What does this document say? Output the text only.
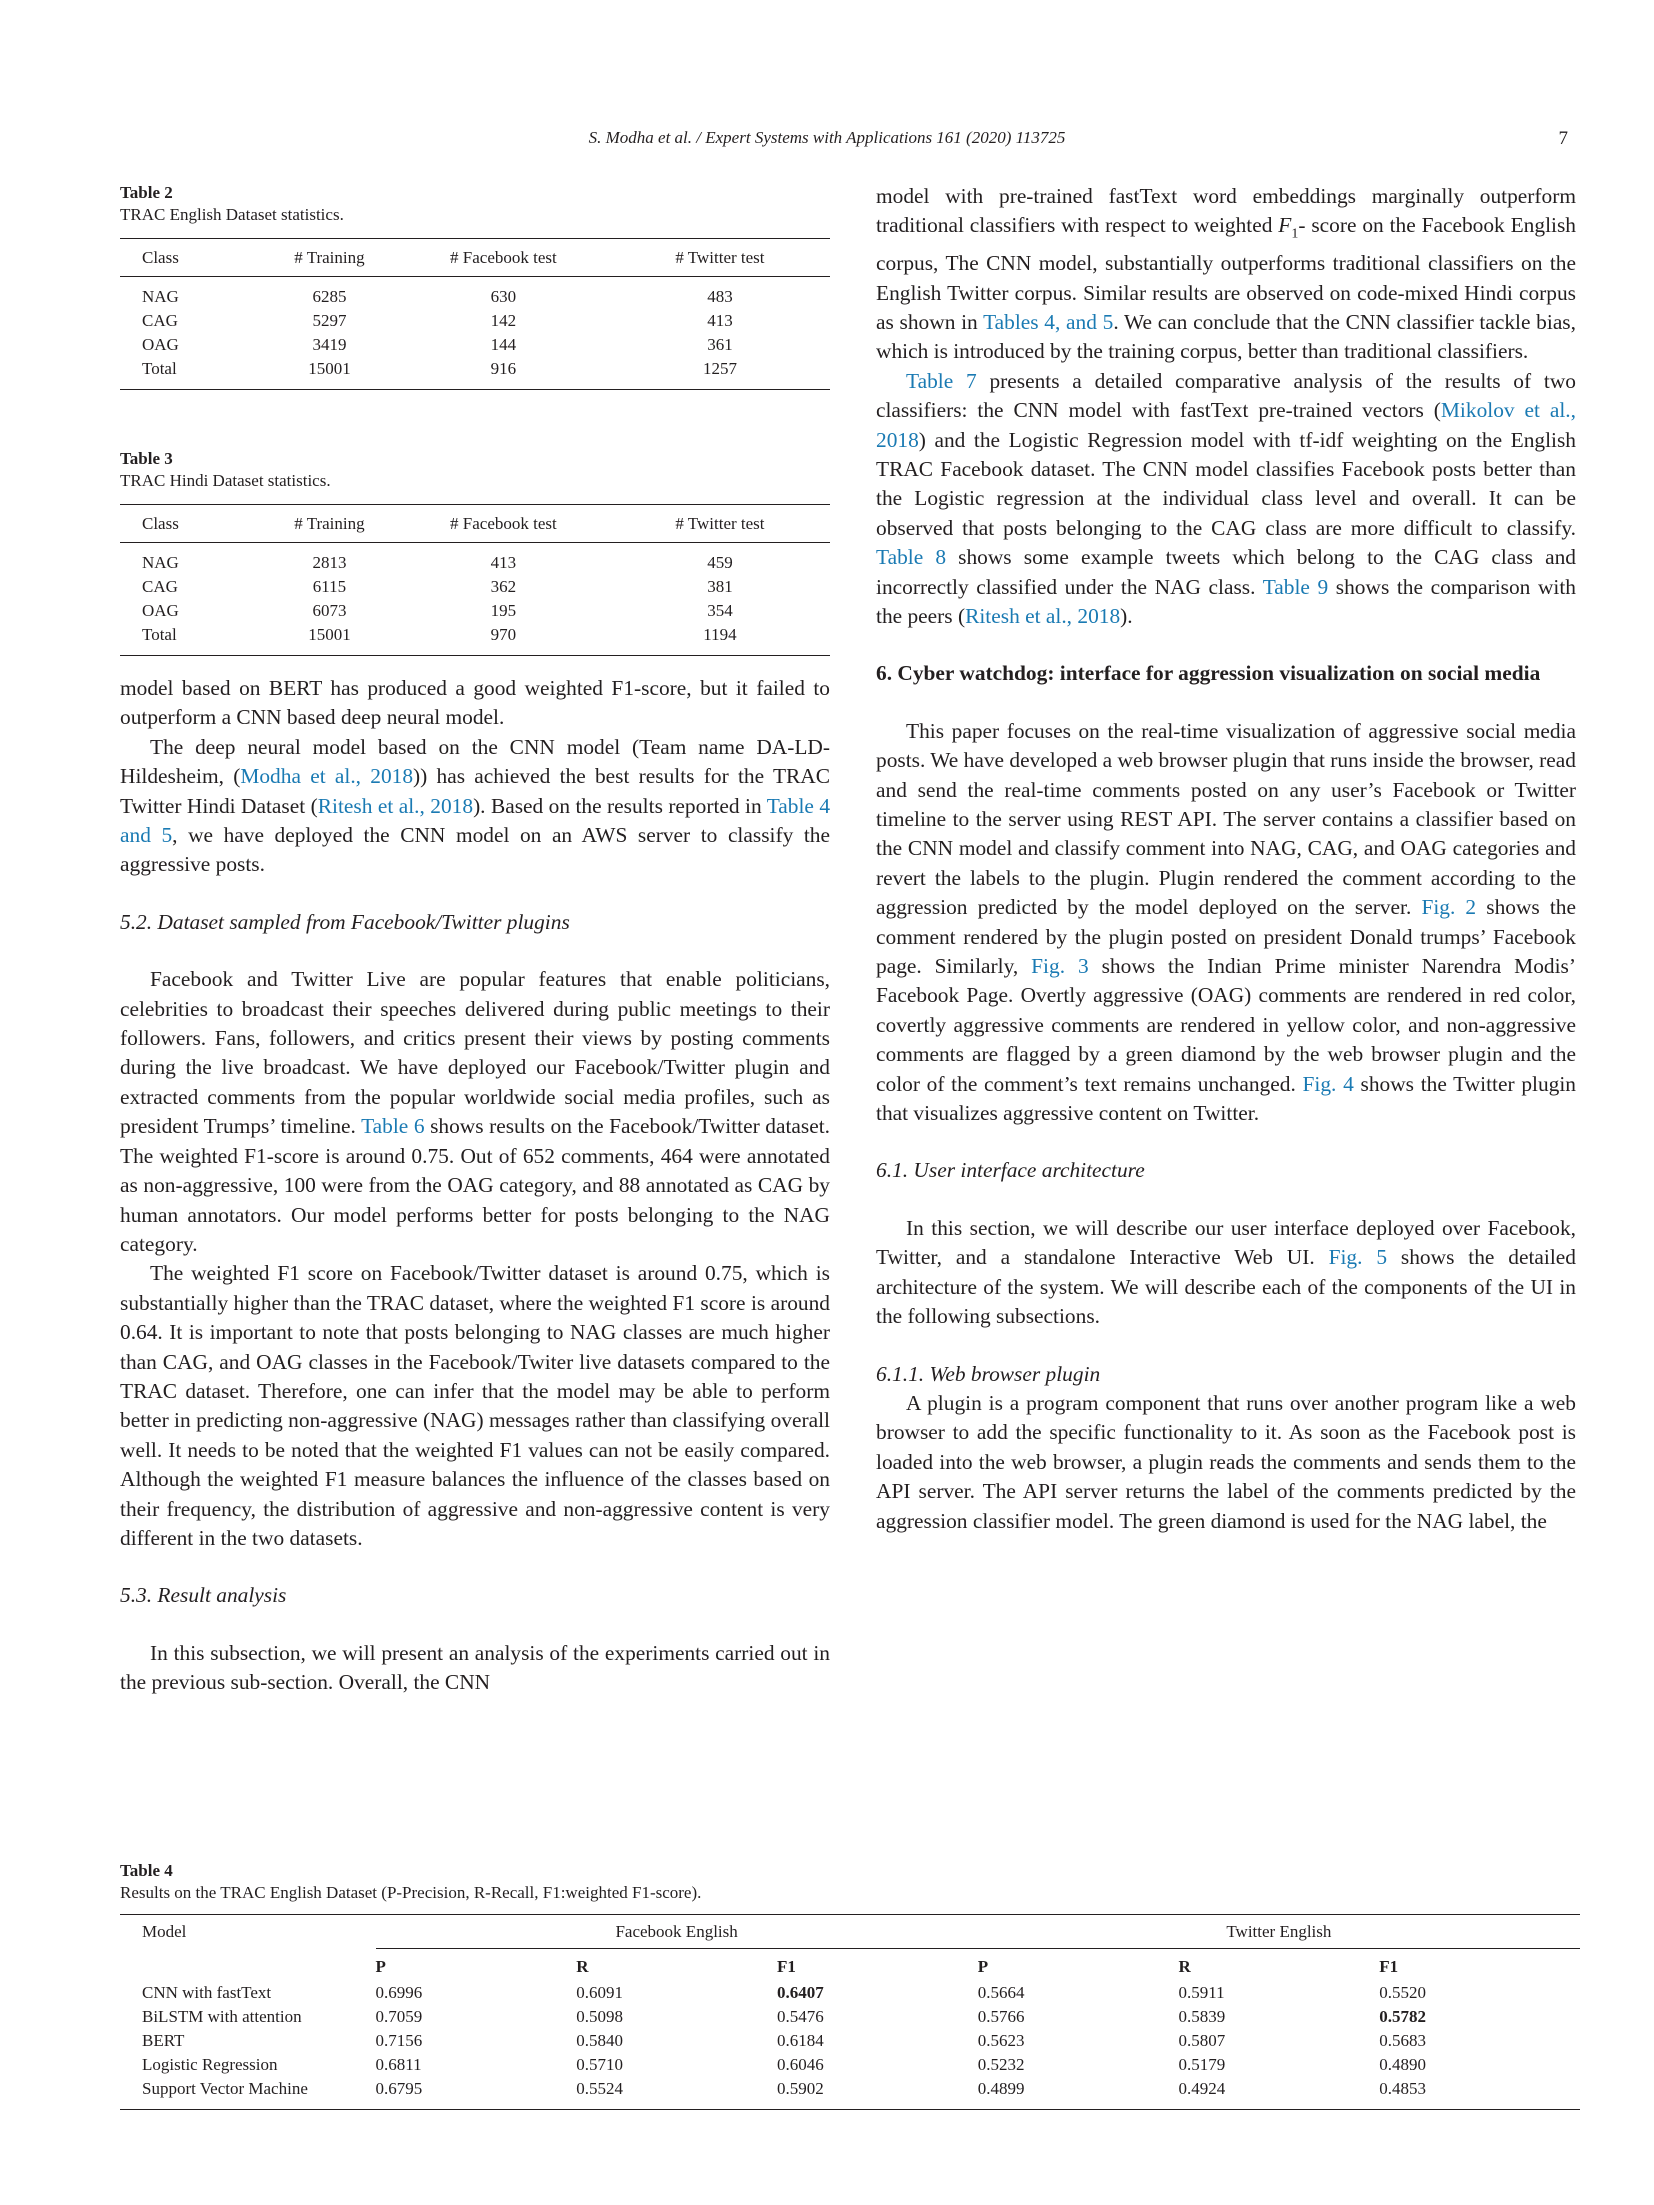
S. Modha et al. / Expert Systems with Applications 161 (2020) 113725	7
Table 2
TRAC English Dataset statistics.
Class	# Training	# Facebook test	# Twitter test
NAG	6285	630	483
CAG	5297	142	413
OAG	3419	144	361
Total	15001	916	1257
Table 3
TRAC Hindi Dataset statistics.
Class	# Training	# Facebook test	# Twitter test
NAG	2813	413	459
CAG	6115	362	381
OAG	6073	195	354
Total	15001	970	1194

model based on BERT has produced a good weighted F1-score, but it failed to outperform a CNN based deep neural model.

The deep neural model based on the CNN model (Team name DA-LD-Hildesheim, (Modha et al., 2018)) has achieved the best results for the TRAC Twitter Hindi Dataset (Ritesh et al., 2018). Based on the results reported in Table 4 and 5, we have deployed the CNN model on an AWS server to classify the aggressive posts.

5.2. Dataset sampled from Facebook/Twitter plugins

Facebook and Twitter Live are popular features that enable politicians, celebrities to broadcast their speeches delivered during public meetings to their followers. Fans, followers, and critics present their views by posting comments during the live broadcast. We have deployed our Facebook/Twitter plugin and extracted comments from the popular worldwide social media profiles, such as president Trumps’ timeline. Table 6 shows results on the Facebook/Twitter dataset. The weighted F1-score is around 0.75. Out of 652 comments, 464 were annotated as non-aggressive, 100 were from the OAG category, and 88 annotated as CAG by human annotators. Our model performs better for posts belonging to the NAG category.

The weighted F1 score on Facebook/Twitter dataset is around 0.75, which is substantially higher than the TRAC dataset, where the weighted F1 score is around 0.64. It is important to note that posts belonging to NAG classes are much higher than CAG, and OAG classes in the Facebook/Twiter live datasets compared to the TRAC dataset. Therefore, one can infer that the model may be able to perform better in predicting non-aggressive (NAG) messages rather than classifying overall well. It needs to be noted that the weighted F1 values can not be easily compared. Although the weighted F1 measure balances the influence of the classes based on their frequency, the distribution of aggressive and non-aggressive content is very different in the two datasets.

5.3. Result analysis

In this subsection, we will present an analysis of the experiments carried out in the previous sub-section. Overall, the CNN

model with pre-trained fastText word embeddings marginally outperform traditional classifiers with respect to weighted $F_1-$ score on the Facebook English corpus, The CNN model, substantially outperforms traditional classifiers on the English Twitter corpus. Similar results are observed on code-mixed Hindi corpus as shown in Tables 4, and 5. We can conclude that the CNN classifier tackle bias, which is introduced by the training corpus, better than traditional classifiers.

Table 7 presents a detailed comparative analysis of the results of two classifiers: the CNN model with fastText pre-trained vectors (Mikolov et al., 2018) and the Logistic Regression model with tf-idf weighting on the English TRAC Facebook dataset. The CNN model classifies Facebook posts better than the Logistic regression at the individual class level and overall. It can be observed that posts belonging to the CAG class are more difficult to classify. Table 8 shows some example tweets which belong to the CAG class and incorrectly classified under the NAG class. Table 9 shows the comparison with the peers (Ritesh et al., 2018).

6. Cyber watchdog: interface for aggression visualization on social media

This paper focuses on the real-time visualization of aggressive social media posts. We have developed a web browser plugin that runs inside the browser, read and send the real-time comments posted on any user’s Facebook or Twitter timeline to the server using REST API. The server contains a classifier based on the CNN model and classify comment into NAG, CAG, and OAG categories and revert the labels to the plugin. Plugin rendered the comment according to the aggression predicted by the model deployed on the server. Fig. 2 shows the comment rendered by the plugin posted on president Donald trumps’ Facebook page. Similarly, Fig. 3 shows the Indian Prime minister Narendra Modis’ Facebook Page. Overtly aggressive (OAG) comments are rendered in red color, covertly aggressive comments are rendered in yellow color, and non-aggressive comments are flagged by a green diamond by the web browser plugin and the color of the comment’s text remains unchanged. Fig. 4 shows the Twitter plugin that visualizes aggressive content on Twitter.

6.1. User interface architecture

In this section, we will describe our user interface deployed over Facebook, Twitter, and a standalone Interactive Web UI. Fig. 5 shows the detailed architecture of the system. We will describe each of the components of the UI in the following subsections.

6.1.1. Web browser plugin

A plugin is a program component that runs over another program like a web browser to add the specific functionality to it. As soon as the Facebook post is loaded into the web browser, a plugin reads the comments and sends them to the API server. The API server returns the label of the comments predicted by the aggression classifier model. The green diamond is used for the NAG label, the

Table 4
Results on the TRAC English Dataset (P-Precision, R-Recall, F1:weighted F1-score).
Model	Facebook English			Twitter English		
	P	R	F1	P	R	F1
CNN with fastText	0.6996	0.6091	0.6407	0.5664	0.5911	0.5520
BiLSTM with attention	0.7059	0.5098	0.5476	0.5766	0.5839	0.5782
BERT	0.7156	0.5840	0.6184	0.5623	0.5807	0.5683
Logistic Regression	0.6811	0.5710	0.6046	0.5232	0.5179	0.4890
Support Vector Machine	0.6795	0.5524	0.5902	0.4899	0.4924	0.4853
